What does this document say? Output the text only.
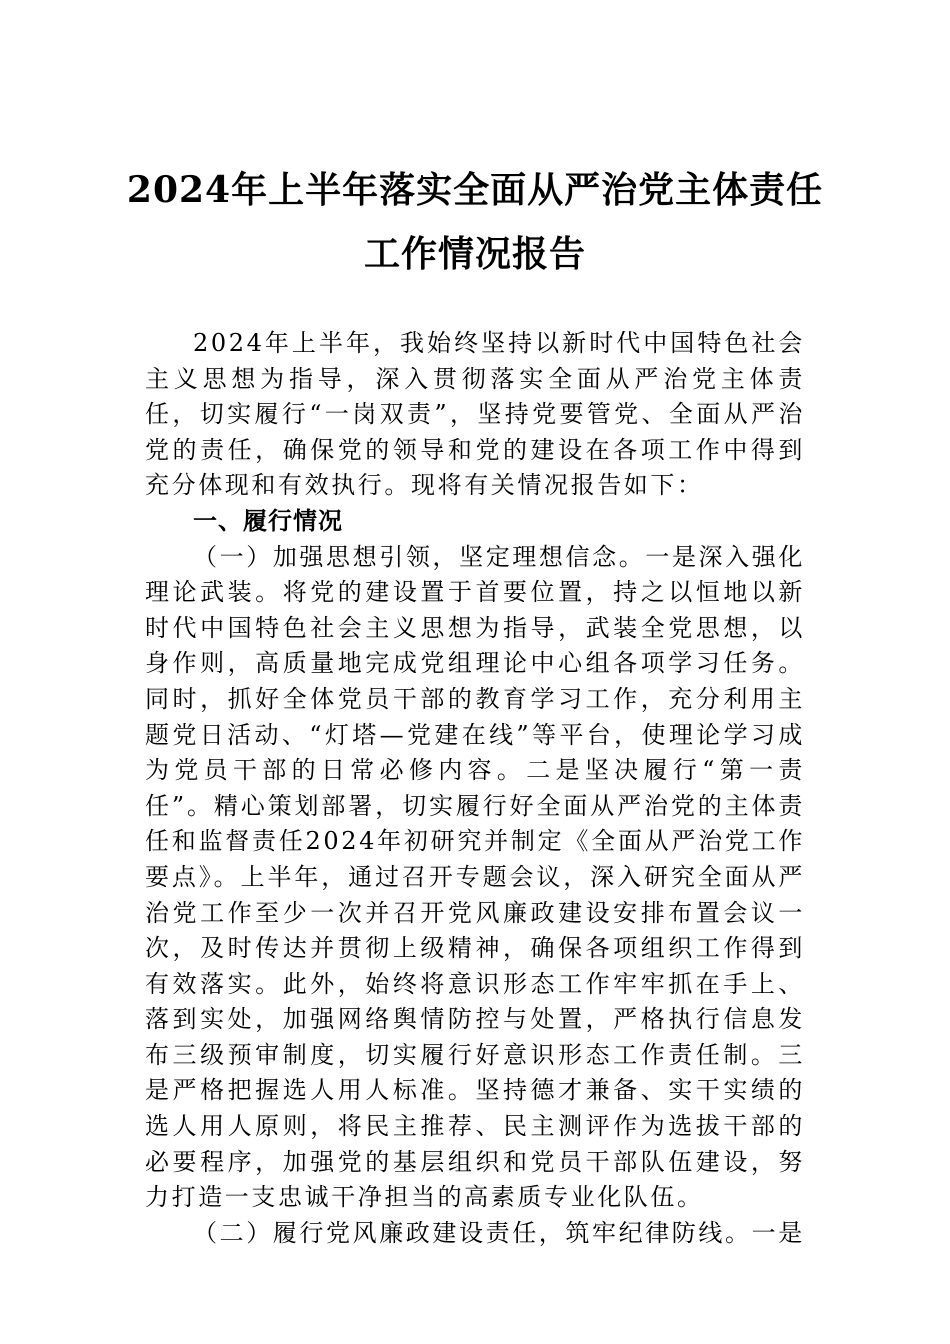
2024年上半年落实全面从严治党主体责任
工作情况报告

2024年上半年，我始终坚持以新时代中国特色社会主义思想为指导，深入贯彻落实全面从严治党主体责任，切实履行“一岗双责”，坚持党要管党、全面从严治党的责任，确保党的领导和党的建设在各项工作中得到充分体现和有效执行。现将有关情况报告如下：

一、履行情况

（一）加强思想引领，坚定理想信念。一是深入强化理论武装。将党的建设置于首要位置，持之以恒地以新时代中国特色社会主义思想为指导，武装全党思想，以身作则，高质量地完成党组理论中心组各项学习任务。同时，抓好全体党员干部的教育学习工作，充分利用主题党日活动、“灯塔—党建在线”等平台，使理论学习成为党员干部的日常必修内容。二是坚决履行“第一责任”。精心策划部署，切实履行好全面从严治党的主体责任和监督责任2024年初研究并制定《全面从严治党工作要点》。上半年，通过召开专题会议，深入研究全面从严治党工作至少一次并召开党风廉政建设安排布置会议一次，及时传达并贯彻上级精神，确保各项组织工作得到有效落实。此外，始终将意识形态工作牢牢抓在手上、落到实处，加强网络舆情防控与处置，严格执行信息发布三级预审制度，切实履行好意识形态工作责任制。三是严格把握选人用人标准。坚持德才兼备、实干实绩的选人用人原则，将民主推荐、民主测评作为选拔干部的必要程序，加强党的基层组织和党员干部队伍建设，努力打造一支忠诚干净担当的高素质专业化队伍。

（二）履行党风廉政建设责任，筑牢纪律防线。一是
